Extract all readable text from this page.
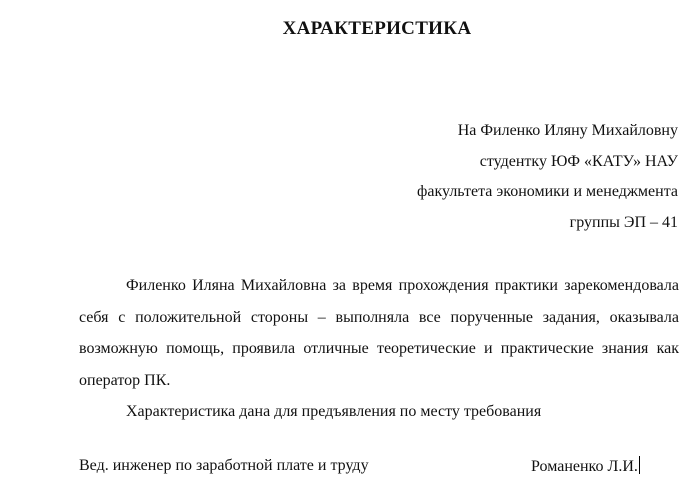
ХАРАКТЕРИСТИКА
На Филенко Иляну Михайловну
студентку ЮФ «КАТУ» НАУ
факультета экономики и менеджмента
группы ЭП – 41

Филенко Иляна Михайловна за время прохождения практики зарекомендовала себя с положительной стороны – выполняла все порученные задания, оказывала возможную помощь, проявила отличные теоретические и практические знания как оператор ПК.

Характеристика дана для предъявления по месту требования

Вед. инженер по заработной плате и труду	Романенко Л.И.
